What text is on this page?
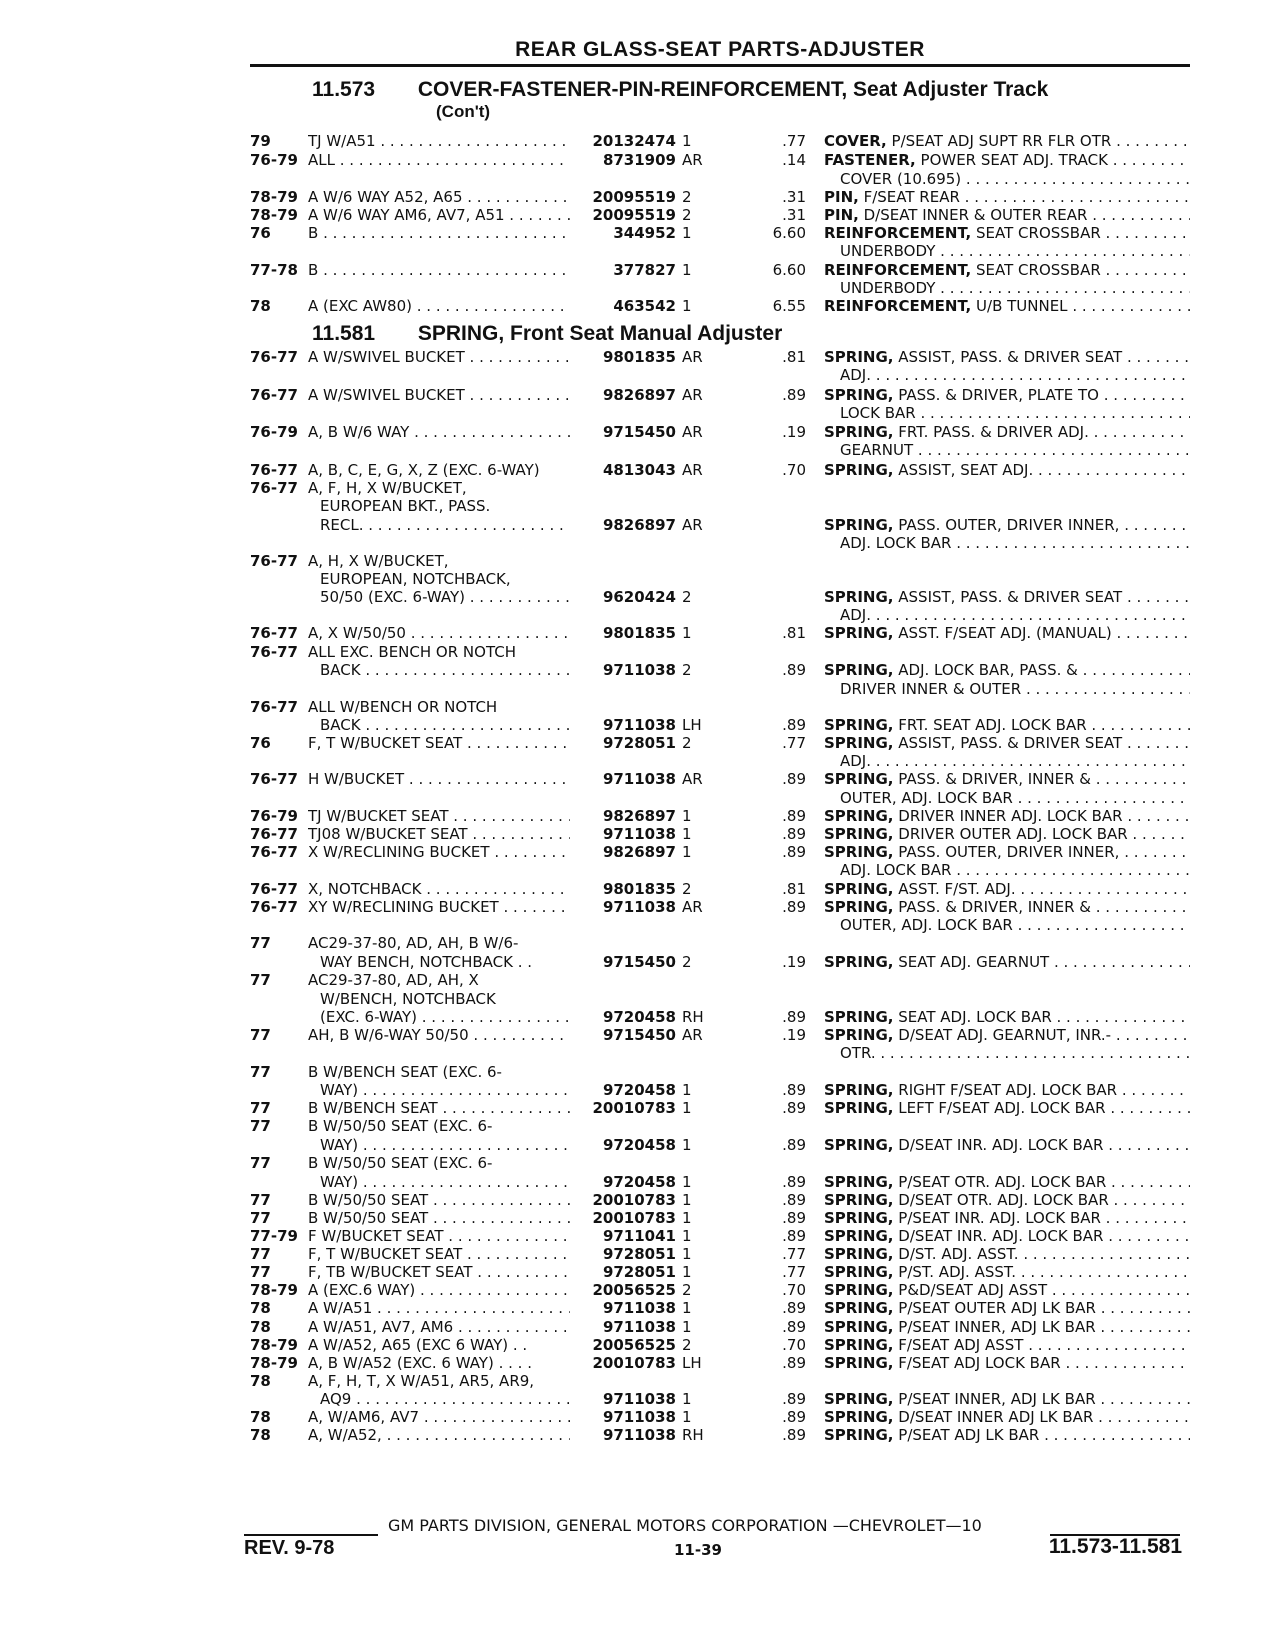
REAR GLASS-SEAT PARTS-ADJUSTER
11.573 COVER-FASTENER-PIN-REINFORCEMENT, Seat Adjuster Track
(Con't)
11.581 SPRING, Front Seat Manual Adjuster
79	TJ W/A51 . . .	20132474 1	.77 COVER, P/SEAT ADJ SUPT RR FLR OTR . . . . .
76-79 ALL . . .	8731909 AR	.14 FASTENER, POWER SEAT ADJ. TRACK . . .
COVER (10.695) . . .
78-79 A W/6 WAY A52, A65 . . .	20095519 2	.31 PIN, F/SEAT REAR . . .
78-79 A W/6 WAY AM6, AV7, A51 . . . . .	20095519 2	.31 PIN, D/SEAT INNER & OUTER REAR . . .
76	B . . .	344952 1	6.60 REINFORCEMENT, SEAT CROSSBAR . . .
UNDERBODY . . .
77-78 B . . .	377827 1	6.60 REINFORCEMENT, SEAT CROSSBAR . . .
UNDERBODY . . .
78	A (EXC AW80) . . .	463542 1	6.55 REINFORCEMENT, U/B TUNNEL . . .
76-77 A W/SWIVEL BUCKET . . .	9801835 AR	.81 SPRING, ASSIST, PASS. & DRIVER SEAT . . .
ADJ. . . .
76-77 A W/SWIVEL BUCKET . . .	9826897 AR	.89 SPRING, PASS. & DRIVER, PLATE TO . . .
LOCK BAR . . .
76-79 A, B W/6 WAY . . .	9715450 AR	.19 SPRING, FRT. PASS. & DRIVER ADJ. . . .
GEARNUT . . .
76-77 A, B, C, E, G, X, Z (EXC. 6-WAY)	4813043 AR	.70 SPRING, ASSIST, SEAT ADJ. . . .
76-77 A, F, H, X W/BUCKET,
EUROPEAN BKT., PASS.
RECL. . . .	9826897 AR	SPRING, PASS. OUTER, DRIVER INNER, . . .
ADJ. LOCK BAR . . .
76-77 A, H, X W/BUCKET,
EUROPEAN, NOTCHBACK,
50/50 (EXC. 6-WAY) . . .	9620424 2	SPRING, ASSIST, PASS. & DRIVER SEAT . . .
ADJ. . . .
76-77 A, X W/50/50 . . .	9801835 1	.81 SPRING, ASST. F/SEAT ADJ. (MANUAL) . . . . .
76-77 ALL EXC. BENCH OR NOTCH
BACK . . .	9711038 2	.89 SPRING, ADJ. LOCK BAR, PASS. & . . .
DRIVER INNER & OUTER . . .
76-77 ALL W/BENCH OR NOTCH
BACK . . .	9711038 LH	.89 SPRING, FRT. SEAT ADJ. LOCK BAR . . .
76	F, T W/BUCKET SEAT . . .	9728051 2	.77 SPRING, ASSIST, PASS. & DRIVER SEAT . . .
ADJ. . . .
76-77 H W/BUCKET . . .	9711038 AR	.89 SPRING, PASS. & DRIVER, INNER & . . .
OUTER, ADJ. LOCK BAR . . .
76-79 TJ W/BUCKET SEAT . . .	9826897 1	.89 SPRING, DRIVER INNER ADJ. LOCK BAR . . . .
76-77 TJ08 W/BUCKET SEAT . . .	9711038 1	.89 SPRING, DRIVER OUTER ADJ. LOCK BAR . . . .
76-77 X W/RECLINING BUCKET . . .	9826897 1	.89 SPRING, PASS. OUTER, DRIVER INNER, . . .
ADJ. LOCK BAR . . .
76-77 X, NOTCHBACK . . .	9801835 2	.81 SPRING, ASST. F/ST. ADJ. . . .
76-77 XY W/RECLINING BUCKET . . .	9711038 AR	.89 SPRING, PASS. & DRIVER, INNER & . . .
OUTER, ADJ. LOCK BAR . . .
77	AC29-37-80, AD, AH, B W/6-
WAY BENCH, NOTCHBACK . .	9715450 2	.19 SPRING, SEAT ADJ. GEARNUT . . .
77	AC29-37-80, AD, AH, X
W/BENCH, NOTCHBACK
(EXC. 6-WAY) . . .	9720458 RH	.89 SPRING, SEAT ADJ. LOCK BAR . . .
77	AH, B W/6-WAY 50/50 . . .	9715450 AR	.19 SPRING, D/SEAT ADJ. GEARNUT, INR.- . . .
OTR. . . .
77	B W/BENCH SEAT (EXC. 6-
WAY) . . .	9720458 1	.89 SPRING, RIGHT F/SEAT ADJ. LOCK BAR . . . .
77	B W/BENCH SEAT . . .	20010783 1	.89 SPRING, LEFT F/SEAT ADJ. LOCK BAR . . . . .
77	B W/50/50 SEAT (EXC. 6-
WAY) . . .	9720458 1	.89 SPRING, D/SEAT INR. ADJ. LOCK BAR . . . . . .
77	B W/50/50 SEAT (EXC. 6-
WAY) . . .	9720458 1	.89 SPRING, P/SEAT OTR. ADJ. LOCK BAR . . . . .
77	B W/50/50 SEAT . . .	20010783 1	.89 SPRING, D/SEAT OTR. ADJ. LOCK BAR . . . . .
77	B W/50/50 SEAT . . .	20010783 1	.89 SPRING, P/SEAT INR. ADJ. LOCK BAR . . . . . .
77-79 F W/BUCKET SEAT . . .	9711041 1	.89 SPRING, D/SEAT INR. ADJ. LOCK BAR . . . . . .
77	F, T W/BUCKET SEAT . . .	9728051 1	.77 SPRING, D/ST. ADJ. ASST. . . .
77	F, TB W/BUCKET SEAT . . .	9728051 1	.77 SPRING, P/ST. ADJ. ASST. . . .
78-79 A (EXC.6 WAY) . . .	20056525 2	.70 SPRING, P&D/SEAT ADJ ASST . . .
78	A W/A51 . . .	9711038 1	.89 SPRING, P/SEAT OUTER ADJ LK BAR . . . . . .
78	A W/A51, AV7, AM6 . . .	9711038 1	.89 SPRING, P/SEAT INNER, ADJ LK BAR . . . . . .
78-79 A W/A52, A65 (EXC 6 WAY) . .	20056525 2	.70 SPRING, F/SEAT ADJ ASST . . .
78-79 A, B W/A52 (EXC. 6 WAY) . . . .	20010783 LH	.89 SPRING, F/SEAT ADJ LOCK BAR . . .
78	A, F, H, T, X W/A51, AR5, AR9,
AQ9 . . .	9711038 1	.89 SPRING, P/SEAT INNER, ADJ LK BAR . . . . . .
78	A, W/AM6, AV7 . . .	9711038 1	.89 SPRING, D/SEAT INNER ADJ LK BAR . . . . . . .
78	A, W/A52, . . .	9711038 RH	.89 SPRING, P/SEAT ADJ LK BAR . . .
GM PARTS DIVISION, GENERAL MOTORS CORPORATION —CHEVROLET—10
REV. 9-78	11-39	11.573-11.581
